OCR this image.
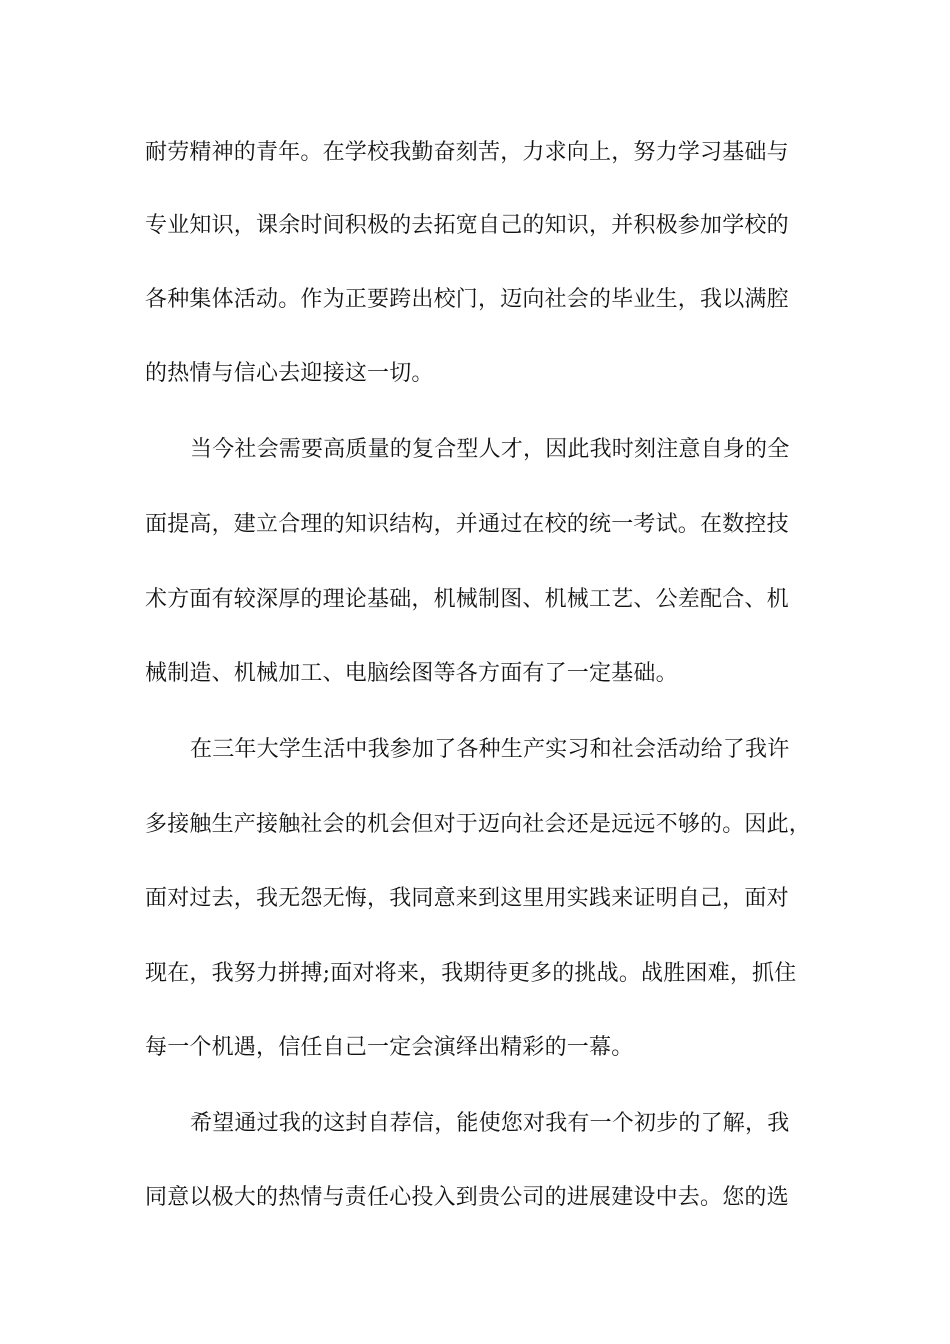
耐劳精神的青年。在学校我勤奋刻苦，力求向上，努力学习基础与
专业知识，课余时间积极的去拓宽自己的知识，并积极参加学校的
各种集体活动。作为正要跨出校门，迈向社会的毕业生，我以满腔
的热情与信心去迎接这一切。
当今社会需要高质量的复合型人才，因此我时刻注意自身的全
面提高，建立合理的知识结构，并通过在校的统一考试。在数控技
术方面有较深厚的理论基础，机械制图、机械工艺、公差配合、机
械制造、机械加工、电脑绘图等各方面有了一定基础。
在三年大学生活中我参加了各种生产实习和社会活动给了我许
多接触生产接触社会的机会但对于迈向社会还是远远不够的。因此，
面对过去，我无怨无悔，我同意来到这里用实践来证明自己，面对
现在，我努力拼搏;面对将来，我期待更多的挑战。战胜困难，抓住
每一个机遇，信任自己一定会演绎出精彩的一幕。
希望通过我的这封自荐信，能使您对我有一个初步的了解，我
同意以极大的热情与责任心投入到贵公司的进展建设中去。您的选
